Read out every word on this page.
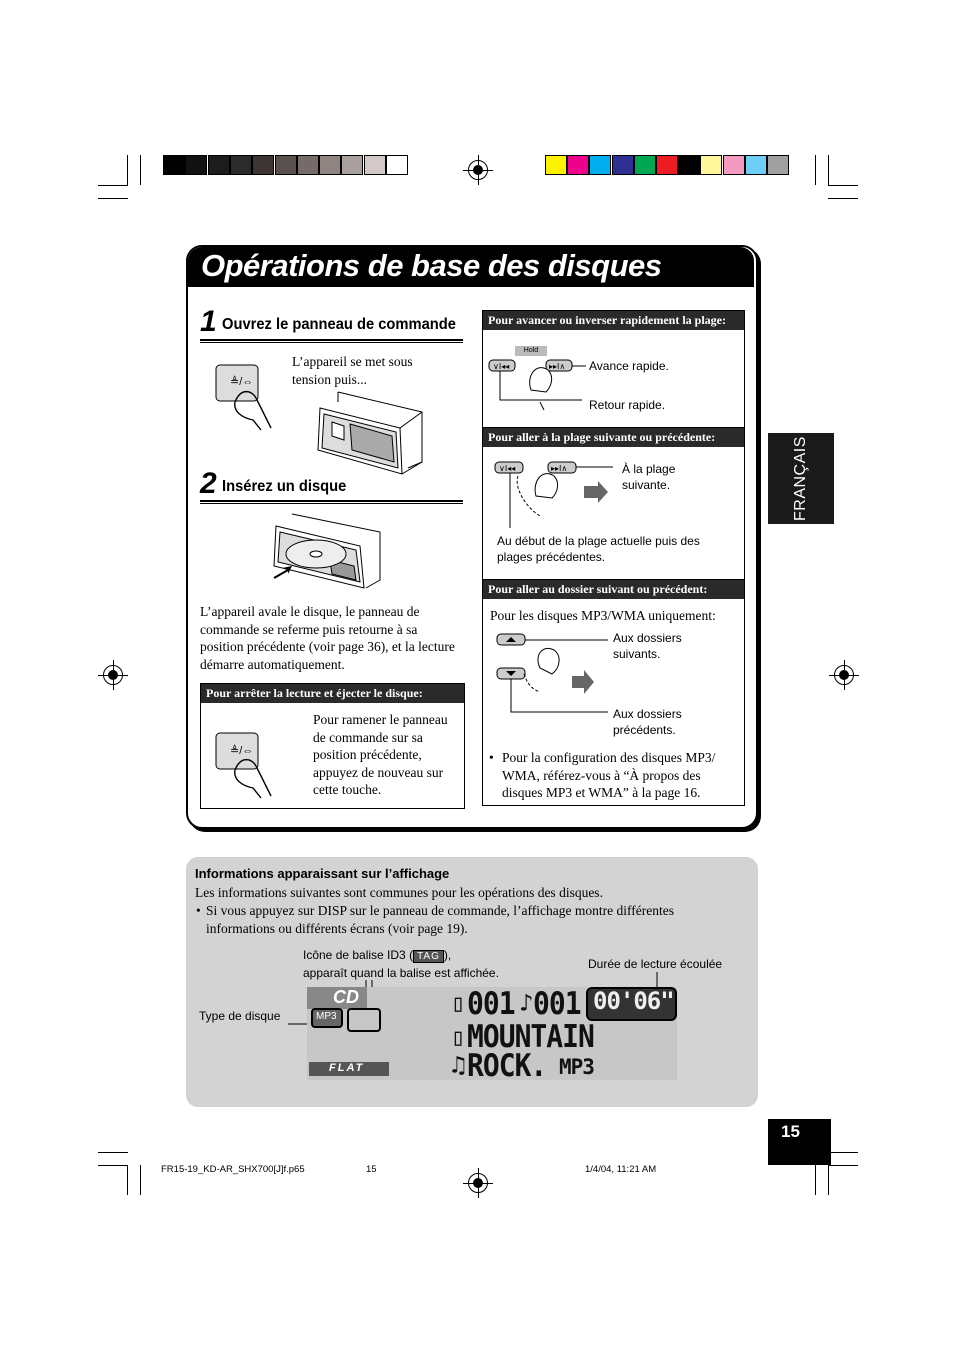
Opérations de base des disques
1 Ouvrez le panneau de commande
≜/⇔
L’appareil se met sous tension puis...
2 Insérez un disque
L’appareil avale le disque, le panneau de commande se referme puis retourne à sa position précédente (voir page 36), et la lecture démarre automatiquement.
Pour arrêter la lecture et éjecter le disque:
≜/⇔
Pour ramener le panneau de commande sur sa position précédente, appuyez de nouveau sur cette touche.
Pour avancer ou inverser rapidement la plage:
Hold
∨I◂◂	▸▸I∧ Avance rapide.
Retour rapide.
Pour aller à la plage suivante ou précédente:
∨I◂◂	▸▸I∧	À la plage suivante.
Au début de la plage actuelle puis des plages précédentes.
Pour aller au dossier suivant ou précédent:
Pour les disques MP3/WMA uniquement:
Aux dossiers suivants.
Aux dossiers précédents.
• Pour la configuration des disques MP3/ WMA, référez-vous à “À propos des disques MP3 et WMA” à la page 16.
FRANÇAIS
Informations apparaissant sur l’affichage
Les informations suivantes sont communes pour les opérations des disques.
• Si vous appuyez sur DISP sur le panneau de commande, l’affichage montre différentes informations ou différents écrans (voir page 19).
Icône de balise ID3 ( TAG ),
apparaît quand la balise est affichée.
Durée de lecture écoulée
Type de disque
CD
MP3	▯ 001 ♪ 001 00'06"
▯ MOUNTAIN
♫ ROCK. MP3
FLAT
15
FR15-19_KD-AR_SHX700[J]f.p65	15	1/4/04, 11:21 AM
